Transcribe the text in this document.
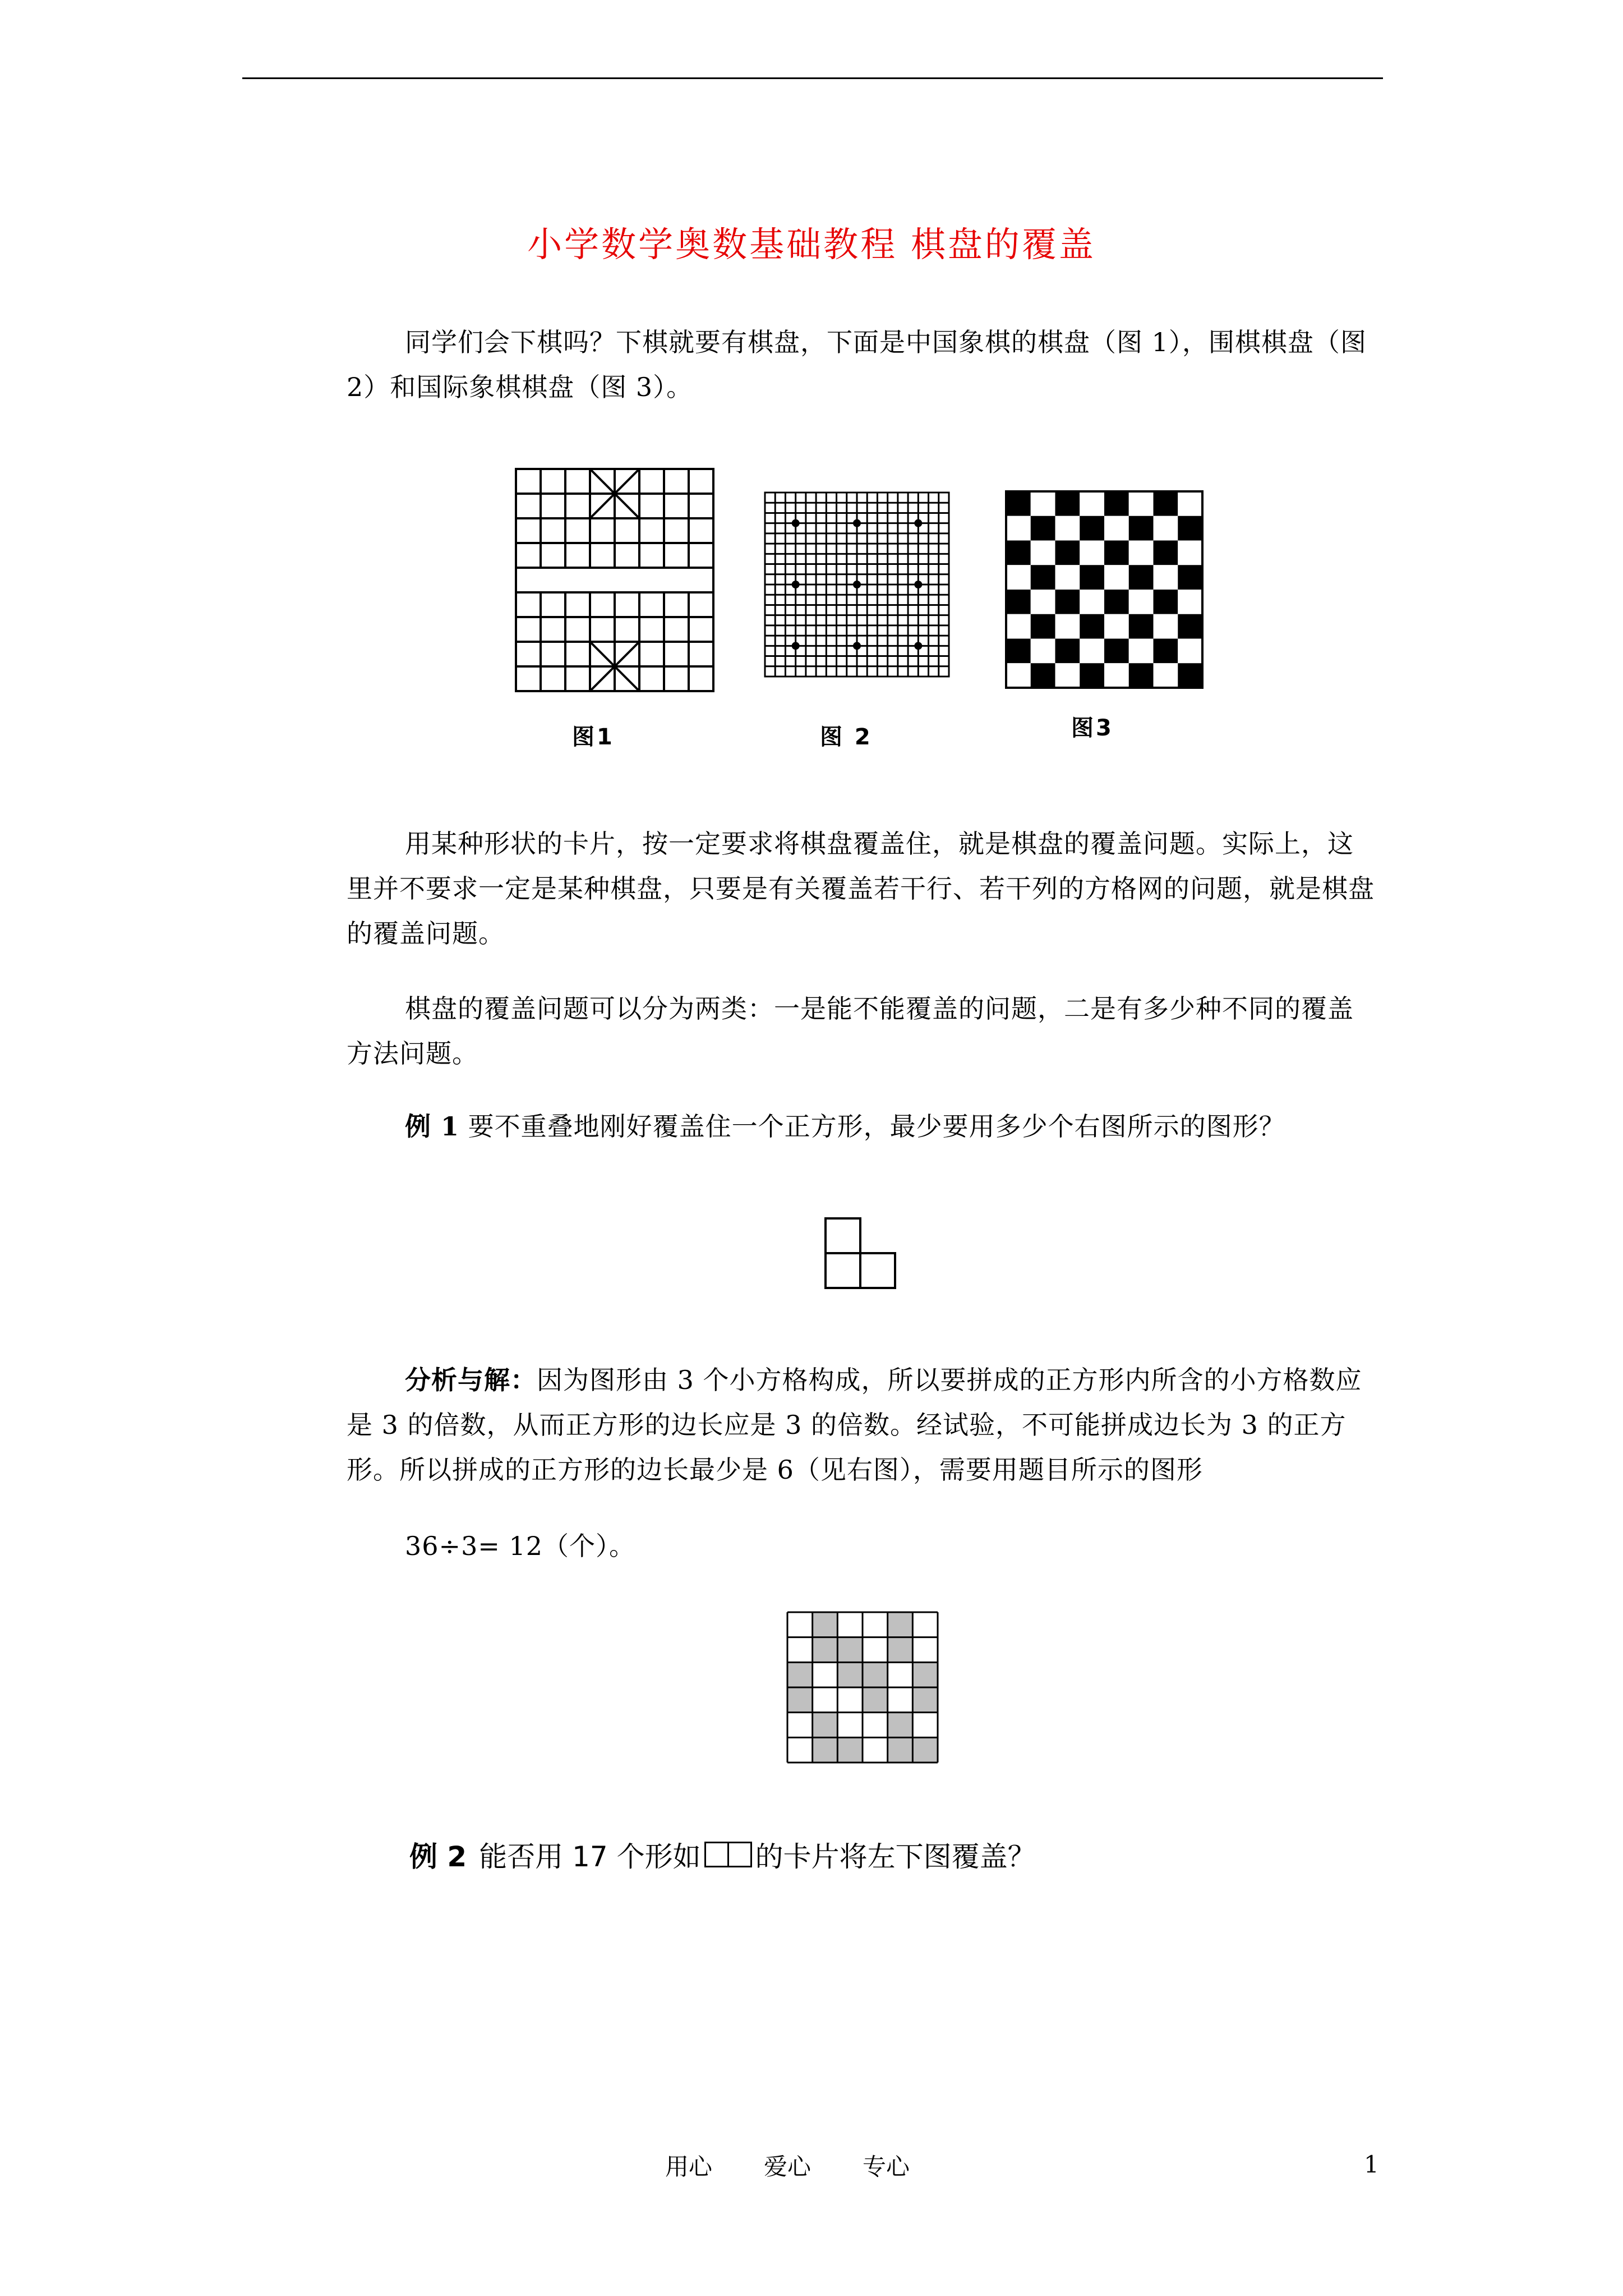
小学数学奥数基础教程 棋盘的覆盖
同学们会下棋吗？下棋就要有棋盘，下面是中国象棋的棋盘（图 1），围棋棋盘（图 2）和国际象棋棋盘（图 3）。
图1	图 2	图3
用某种形状的卡片，按一定要求将棋盘覆盖住，就是棋盘的覆盖问题。实际上，这里并不要求一定是某种棋盘，只要是有关覆盖若干行、若干列的方格网的问题，就是棋盘的覆盖问题。
棋盘的覆盖问题可以分为两类：一是能不能覆盖的问题，二是有多少种不同的覆盖方法问题。
例 1 要不重叠地刚好覆盖住一个正方形，最少要用多少个右图所示的图形？
分析与解：因为图形由 3 个小方格构成，所以要拼成的正方形内所含的小方格数应是 3 的倍数，从而正方形的边长应是 3 的倍数。经试验，不可能拼成边长为 3 的正方形。所以拼成的正方形的边长最少是 6（见右图），需要用题目所示的图形
36÷3= 12（个）。
例 2 能否用 17 个形如 的卡片将左下图覆盖？
用心 爱心 专心	1
